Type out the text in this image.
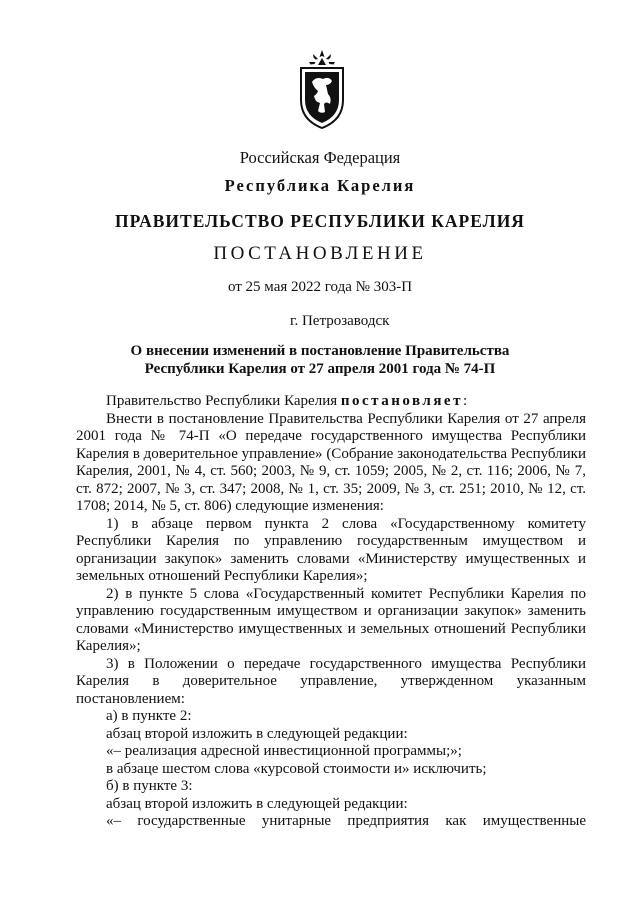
Российская Федерация
Республика Карелия
ПРАВИТЕЛЬСТВО РЕСПУБЛИКИ КАРЕЛИЯ
ПОСТАНОВЛЕНИЕ
от 25 мая 2022 года № 303-П
г. Петрозаводск
О внесении изменений в постановление Правительства
Республики Карелия от 27 апреля 2001 года № 74-П

Правительство Республики Карелия постановляет:

Внести в постановление Правительства Республики Карелия от 27 апреля 2001 года № 74-П «О передаче государственного имущества Республики Карелия в доверительное управление» (Собрание законодательства Республики Карелия, 2001, № 4, ст. 560; 2003, № 9, ст. 1059; 2005, № 2, ст. 116; 2006, № 7, ст. 872; 2007, № 3, ст. 347; 2008, № 1, ст. 35; 2009, № 3, ст. 251; 2010, № 12, ст. 1708; 2014, № 5, ст. 806) следующие изменения:

1) в абзаце первом пункта 2 слова «Государственному комитету Республики Карелия по управлению государственным имуществом и организации закупок» заменить словами «Министерству имущественных и земельных отношений Республики Карелия»;

2) в пункте 5 слова «Государственный комитет Республики Карелия по управлению государственным имуществом и организации закупок» заменить словами «Министерство имущественных и земельных отношений Республики Карелия»;

3) в Положении о передаче государственного имущества Республики Карелия в доверительное управление, утвержденном указанным постановлением:

а) в пункте 2:

абзац второй изложить в следующей редакции:

«– реализация адресной инвестиционной программы;»;

в абзаце шестом слова «курсовой стоимости и» исключить;

б) в пункте 3:

абзац второй изложить в следующей редакции:

«– государственные унитарные предприятия как имущественные
